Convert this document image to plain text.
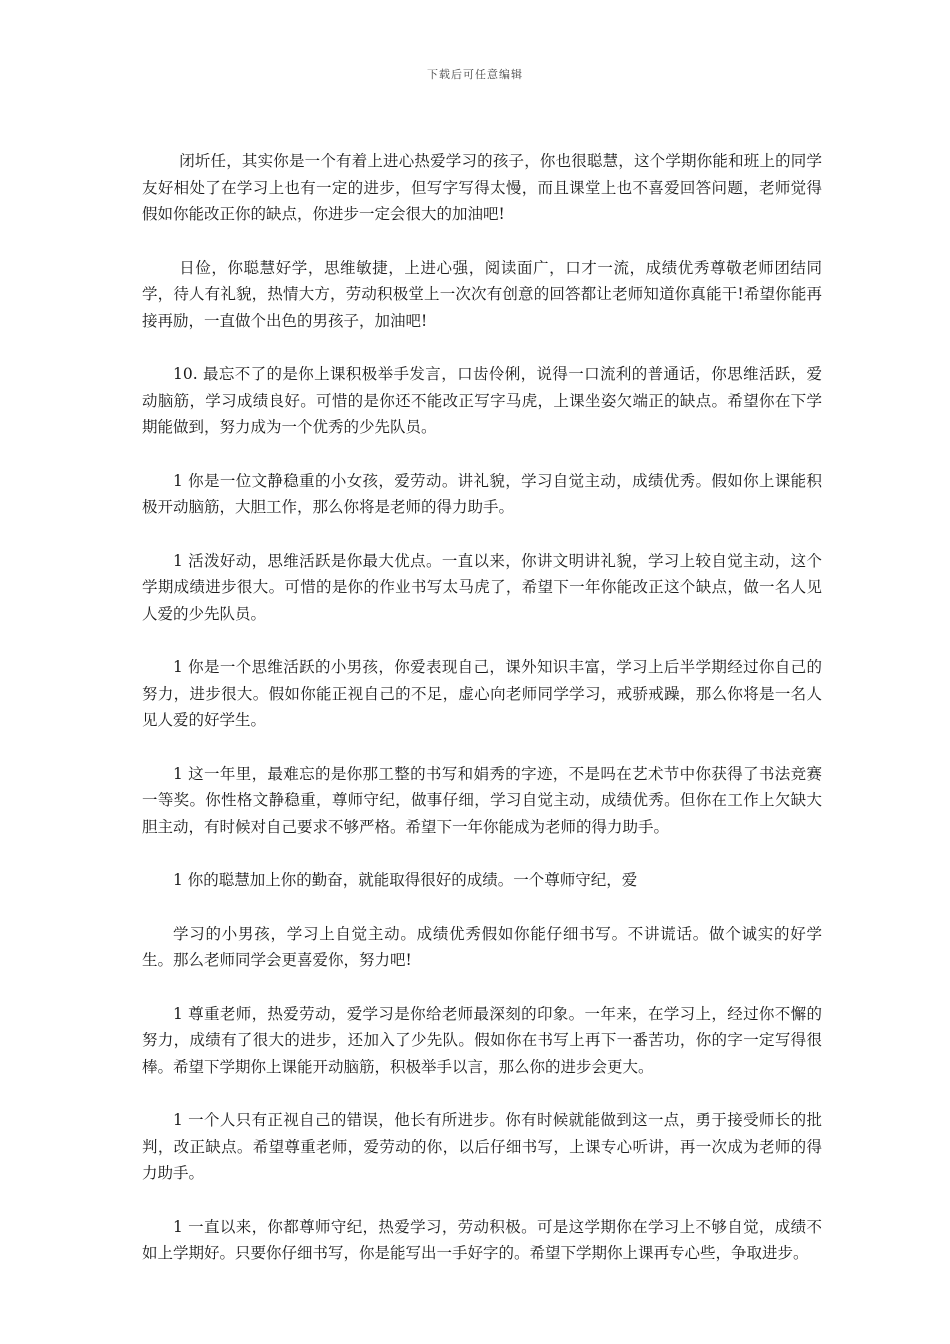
下载后可任意编辑

闭圻任，其实你是一个有着上进心热爱学习的孩子，你也很聪慧，这个学期你能和班上的同学友好相处了在学习上也有一定的进步，但写字写得太慢，而且课堂上也不喜爱回答问题，老师觉得假如你能改正你的缺点，你进步一定会很大的加油吧!

日俭，你聪慧好学，思维敏捷，上进心强，阅读面广，口才一流，成绩优秀尊敬老师团结同学，待人有礼貌，热情大方，劳动积极堂上一次次有创意的回答都让老师知道你真能干!希望你能再接再励，一直做个出色的男孩子，加油吧!

10. 最忘不了的是你上课积极举手发言，口齿伶俐，说得一口流利的普通话，你思维活跃，爱动脑筋，学习成绩良好。可惜的是你还不能改正写字马虎，上课坐姿欠端正的缺点。希望你在下学期能做到，努力成为一个优秀的少先队员。

1 你是一位文静稳重的小女孩，爱劳动。讲礼貌，学习自觉主动，成绩优秀。假如你上课能积极开动脑筋，大胆工作，那么你将是老师的得力助手。

1 活泼好动，思维活跃是你最大优点。一直以来，你讲文明讲礼貌，学习上较自觉主动，这个学期成绩进步很大。可惜的是你的作业书写太马虎了，希望下一年你能改正这个缺点，做一名人见人爱的少先队员。

1 你是一个思维活跃的小男孩，你爱表现自己，课外知识丰富，学习上后半学期经过你自己的努力，进步很大。假如你能正视自己的不足，虚心向老师同学学习，戒骄戒躁，那么你将是一名人见人爱的好学生。

1 这一年里，最难忘的是你那工整的书写和娟秀的字迹，不是吗在艺术节中你获得了书法竞赛一等奖。你性格文静稳重，尊师守纪，做事仔细，学习自觉主动，成绩优秀。但你在工作上欠缺大胆主动，有时候对自己要求不够严格。希望下一年你能成为老师的得力助手。

1 你的聪慧加上你的勤奋，就能取得很好的成绩。一个尊师守纪，爱

学习的小男孩，学习上自觉主动。成绩优秀假如你能仔细书写。不讲谎话。做个诚实的好学生。那么老师同学会更喜爱你，努力吧!

1 尊重老师，热爱劳动，爱学习是你给老师最深刻的印象。一年来，在学习上，经过你不懈的努力，成绩有了很大的进步，还加入了少先队。假如你在书写上再下一番苦功，你的字一定写得很棒。希望下学期你上课能开动脑筋，积极举手以言，那么你的进步会更大。

1 一个人只有正视自己的错误，他长有所进步。你有时候就能做到这一点，勇于接受师长的批判，改正缺点。希望尊重老师，爱劳动的你，以后仔细书写，上课专心听讲，再一次成为老师的得力助手。

1 一直以来，你都尊师守纪，热爱学习，劳动积极。可是这学期你在学习上不够自觉，成绩不如上学期好。只要你仔细书写，你是能写出一手好字的。希望下学期你上课再专心些，争取进步。
